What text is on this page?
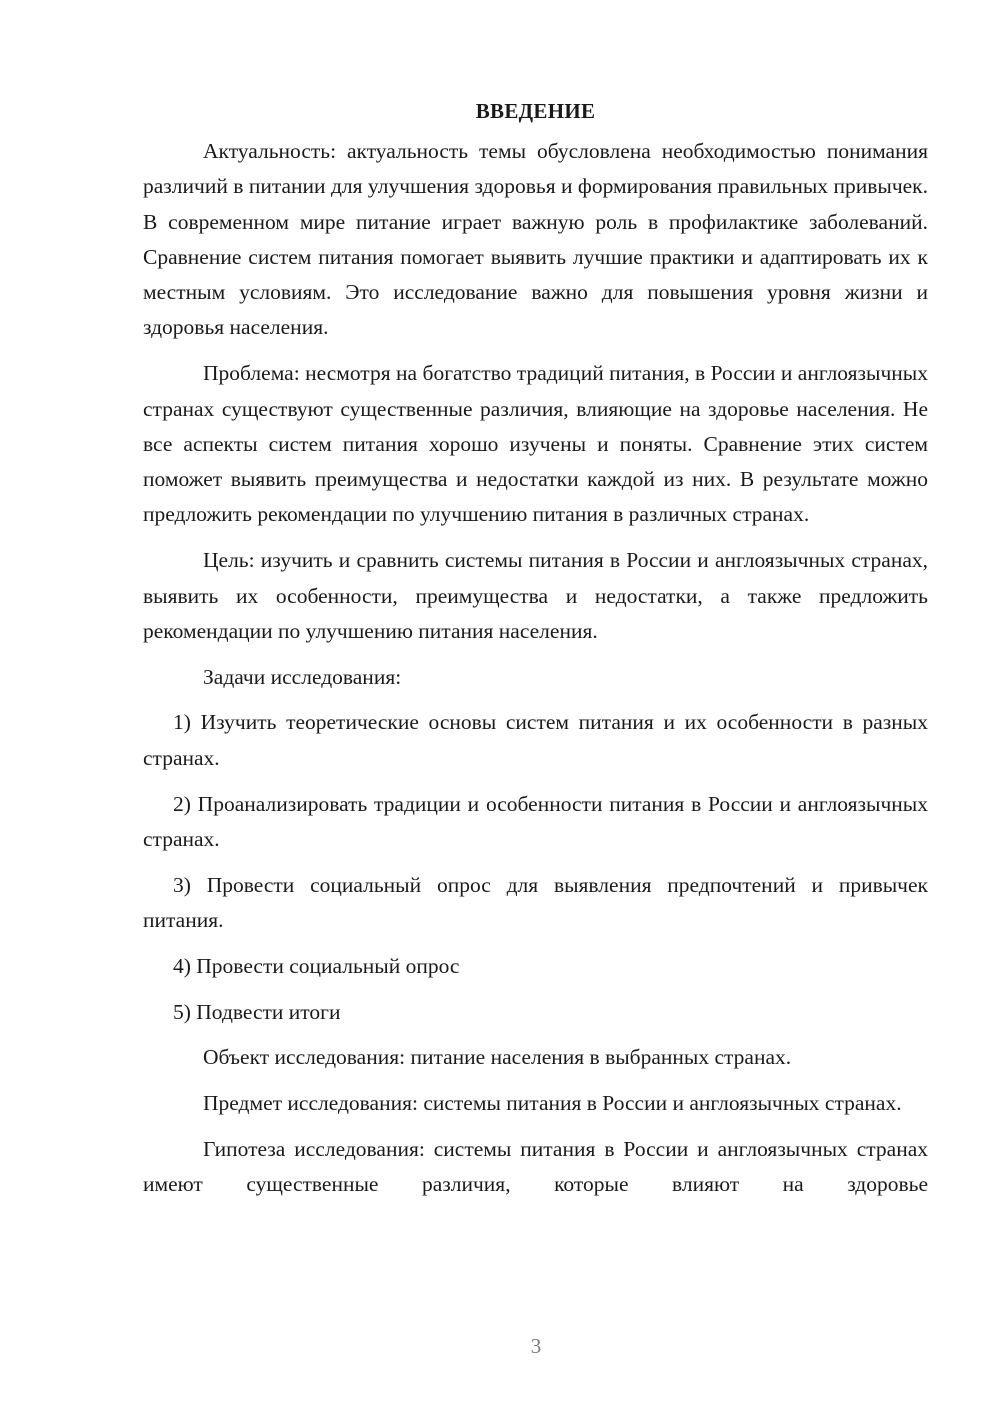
ВВЕДЕНИЕ

Актуальность: актуальность темы обусловлена необходимостью понимания различий в питании для улучшения здоровья и формирования правильных привычек. В современном мире питание играет важную роль в профилактике заболеваний. Сравнение систем питания помогает выявить лучшие практики и адаптировать их к местным условиям. Это исследование важно для повышения уровня жизни и здоровья населения.

Проблема: несмотря на богатство традиций питания, в России и англоязычных странах существуют существенные различия, влияющие на здоровье населения. Не все аспекты систем питания хорошо изучены и поняты. Сравнение этих систем поможет выявить преимущества и недостатки каждой из них. В результате можно предложить рекомендации по улучшению питания в различных странах.

Цель: изучить и сравнить системы питания в России и англоязычных странах, выявить их особенности, преимущества и недостатки, а также предложить рекомендации по улучшению питания населения.

Задачи исследования:

1) Изучить теоретические основы систем питания и их особенности в разных странах.

2) Проанализировать традиции и особенности питания в России и англоязычных странах.

3) Провести социальный опрос для выявления предпочтений и привычек питания.

4) Провести социальный опрос

5) Подвести итоги

Объект исследования: питание населения в выбранных странах.

Предмет исследования: системы питания в России и англоязычных странах.

Гипотеза исследования: системы питания в России и англоязычных странах имеют существенные различия, которые влияют на здоровье

3
